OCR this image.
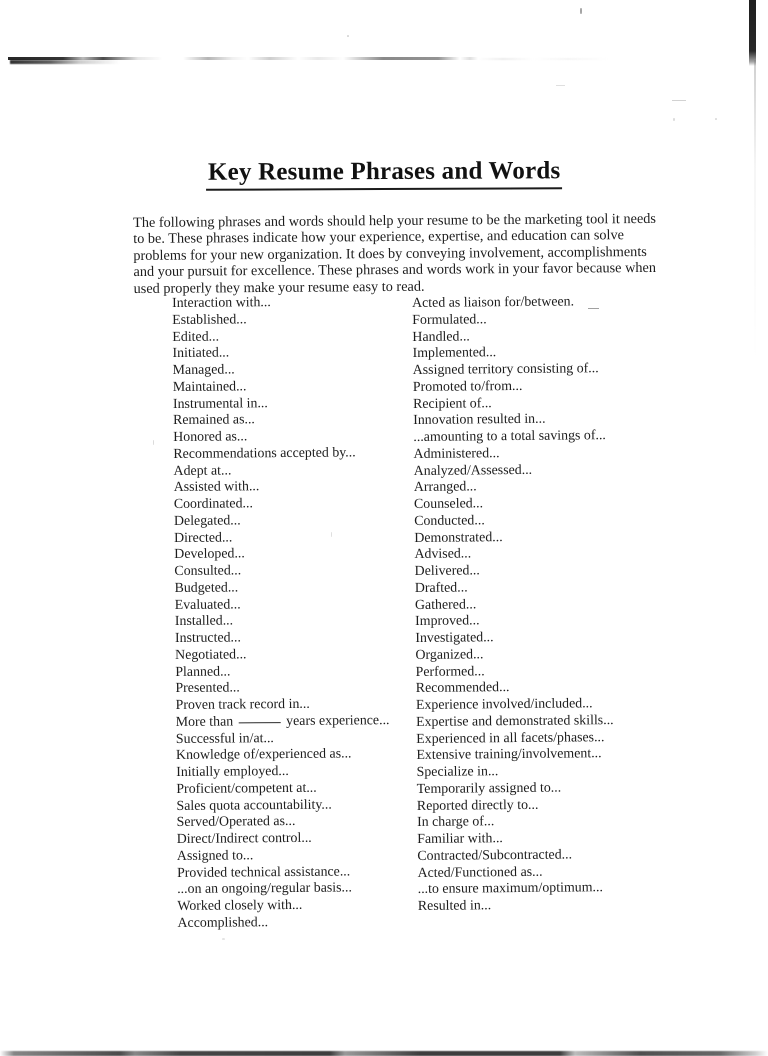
Key Resume Phrases and Words

The following phrases and words should help your resume to be the marketing tool it needs to be. These phrases indicate how your experience, expertise, and education can solve problems for your new organization. It does by conveying involvement, accomplishments and your pursuit for excellence. These phrases and words work in your favor because when used properly they make your resume easy to read.

Interaction with...
Established...
Edited...
Initiated...
Managed...
Maintained...
Instrumental in...
Remained as...
Honored as...
Recommendations accepted by...
Adept at...
Assisted with...
Coordinated...
Delegated...
Directed...
Developed...
Consulted...
Budgeted...
Evaluated...
Installed...
Instructed...
Negotiated...
Planned...
Presented...
Proven track record in...
More than	years experience...
Successful in/at...
Knowledge of/experienced as...
Initially employed...
Proficient/competent at...
Sales quota accountability...
Served/Operated as...
Direct/Indirect control...
Assigned to...
Provided technical assistance...
...on an ongoing/regular basis...
Worked closely with...
Accomplished...
Acted as liaison for/between.
Formulated...
Handled...
Implemented...
Assigned territory consisting of...
Promoted to/from...
Recipient of...
Innovation resulted in...
...amounting to a total savings of...
Administered...
Analyzed/Assessed...
Arranged...
Counseled...
Conducted...
Demonstrated...
Advised...
Delivered...
Drafted...
Gathered...
Improved...
Investigated...
Organized...
Performed...
Recommended...
Experience involved/included...
Expertise and demonstrated skills...
Experienced in all facets/phases...
Extensive training/involvement...
Specialize in...
Temporarily assigned to...
Reported directly to...
In charge of...
Familiar with...
Contracted/Subcontracted...
Acted/Functioned as...
...to ensure maximum/optimum...
Resulted in...
